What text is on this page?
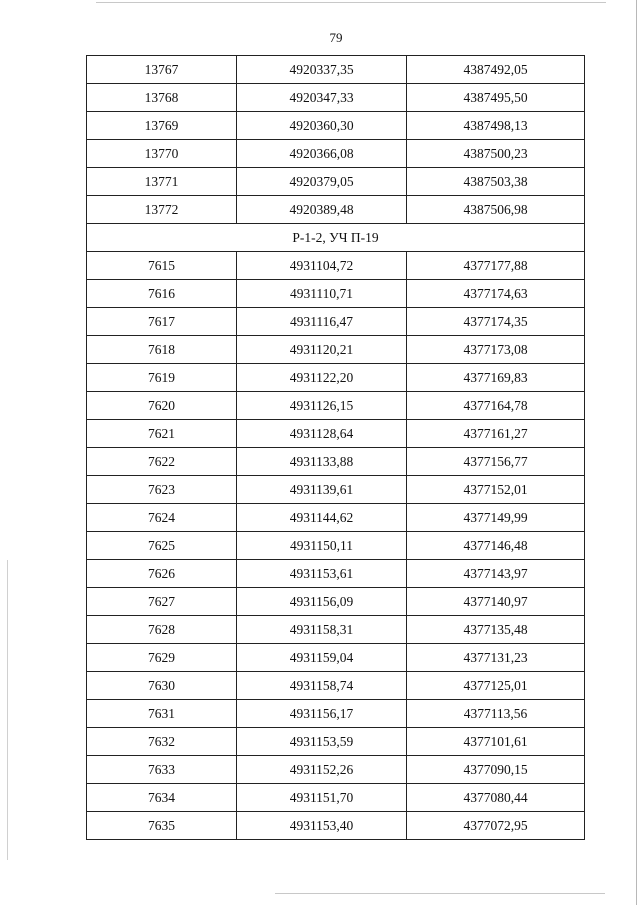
79
13767	4920337,35	4387492,05
13768	4920347,33	4387495,50
13769	4920360,30	4387498,13
13770	4920366,08	4387500,23
13771	4920379,05	4387503,38
13772	4920389,48	4387506,98
Р-1-2, УЧ П-19		
7615	4931104,72	4377177,88
7616	4931110,71	4377174,63
7617	4931116,47	4377174,35
7618	4931120,21	4377173,08
7619	4931122,20	4377169,83
7620	4931126,15	4377164,78
7621	4931128,64	4377161,27
7622	4931133,88	4377156,77
7623	4931139,61	4377152,01
7624	4931144,62	4377149,99
7625	4931150,11	4377146,48
7626	4931153,61	4377143,97
7627	4931156,09	4377140,97
7628	4931158,31	4377135,48
7629	4931159,04	4377131,23
7630	4931158,74	4377125,01
7631	4931156,17	4377113,56
7632	4931153,59	4377101,61
7633	4931152,26	4377090,15
7634	4931151,70	4377080,44
7635	4931153,40	4377072,95
